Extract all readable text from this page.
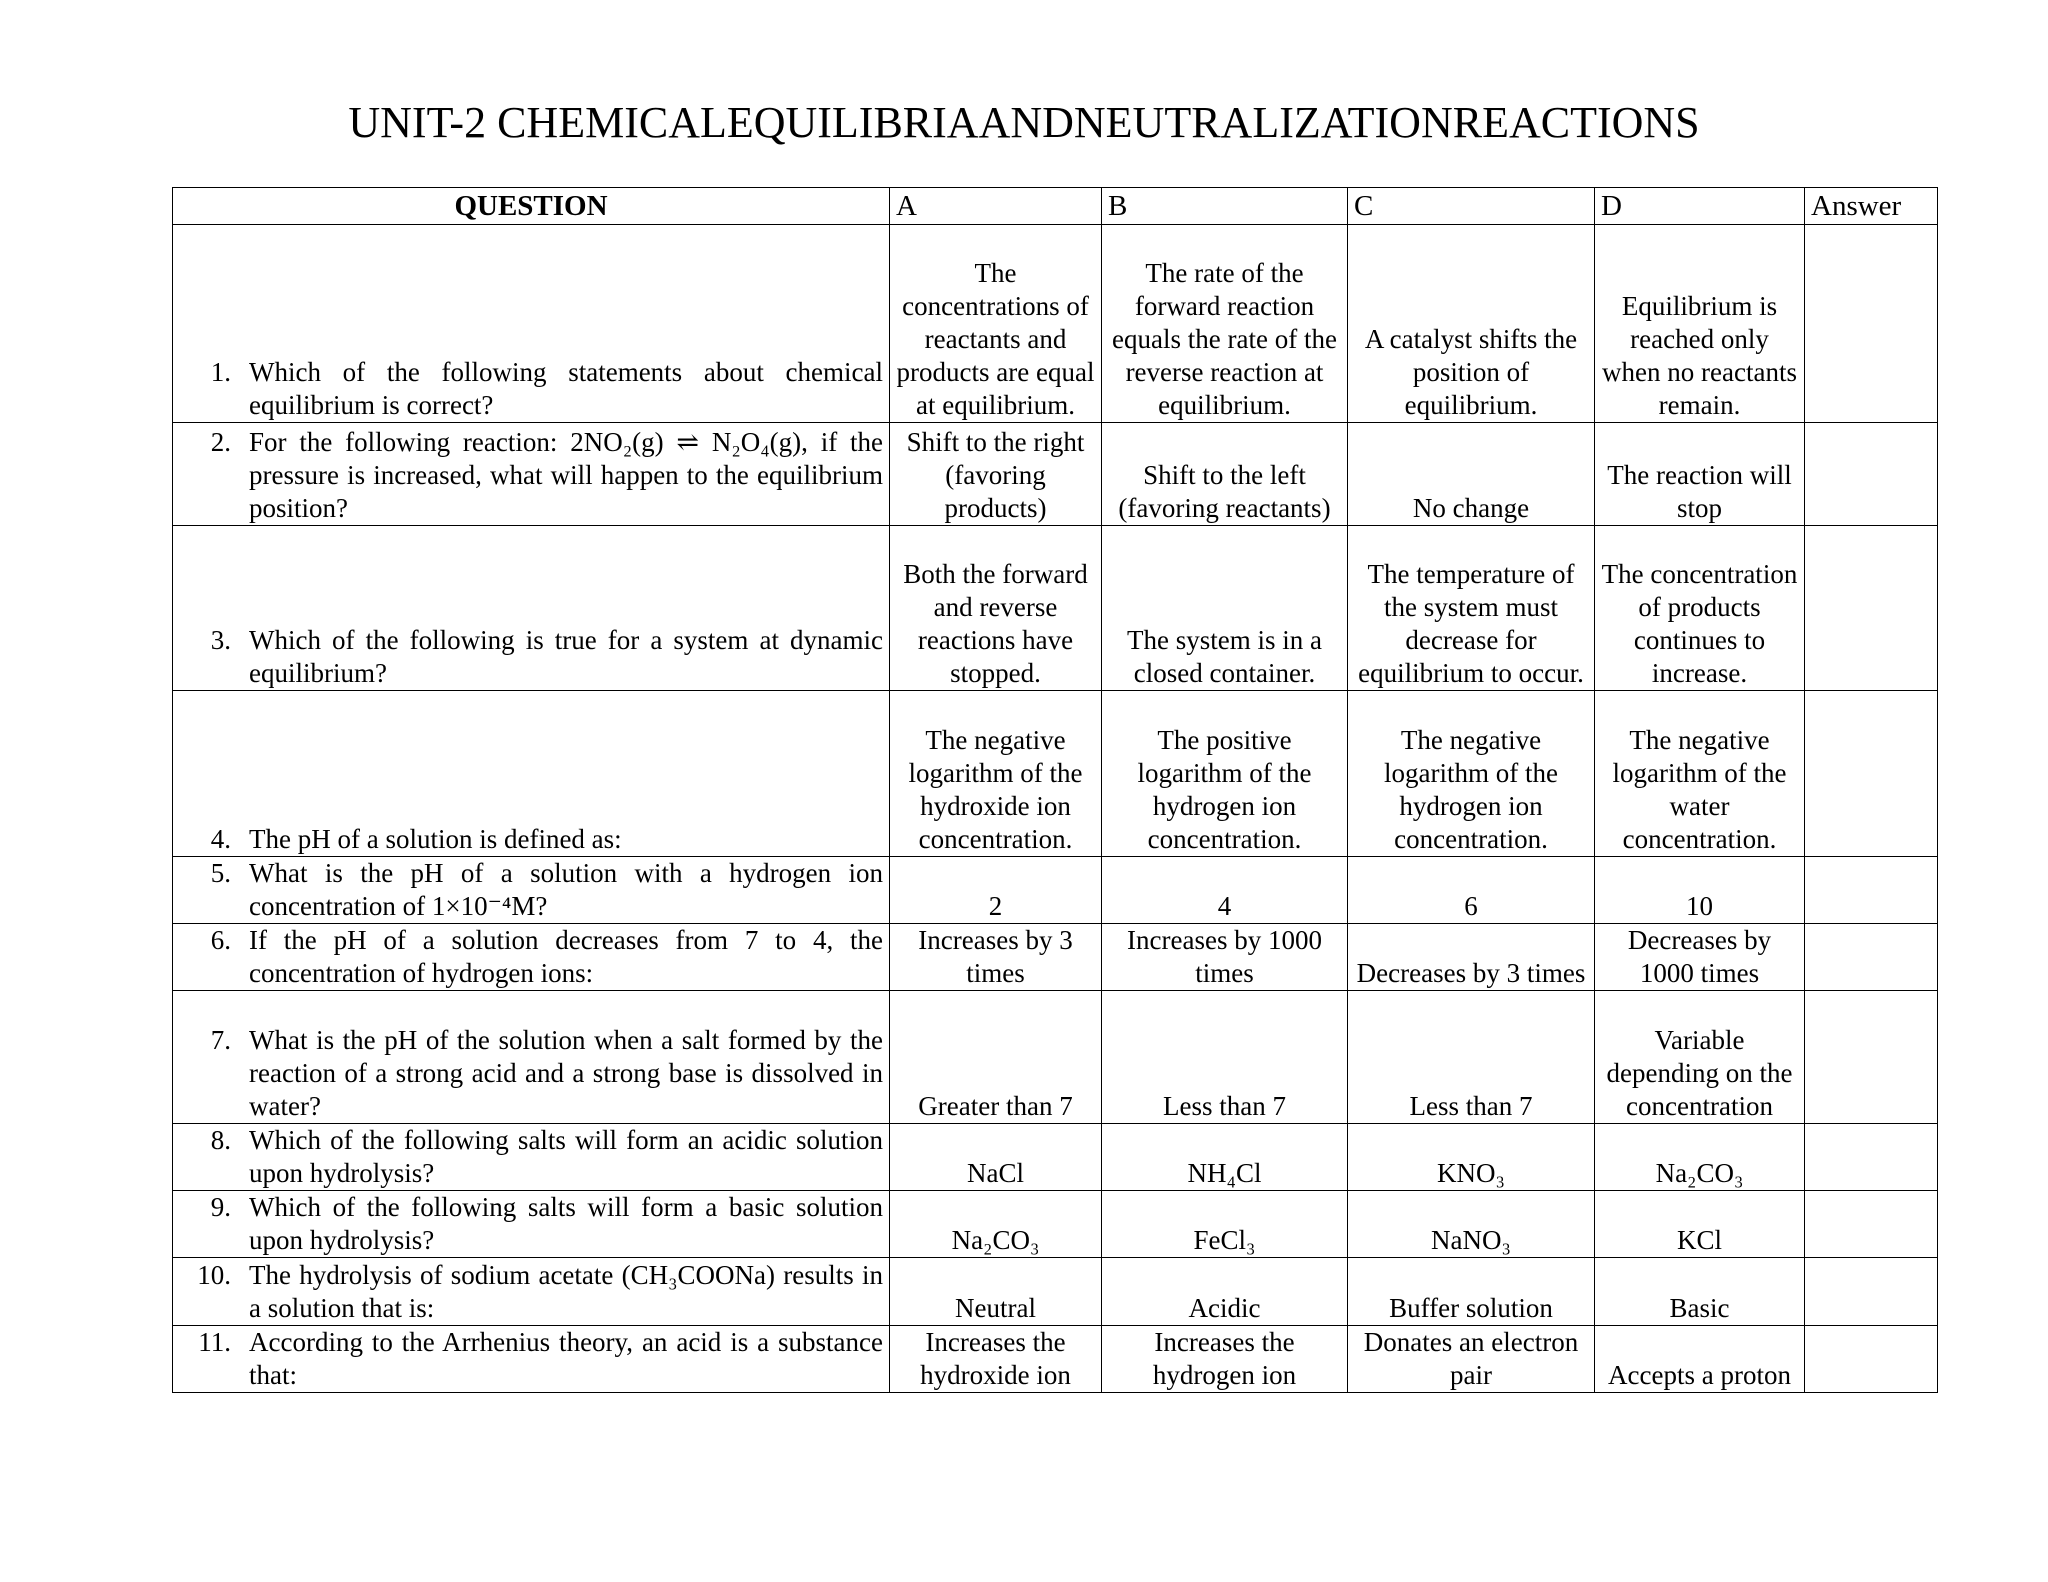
UNIT-2 CHEMICALEQUILIBRIAANDNEUTRALIZATIONREACTIONS
QUESTION	A	B	C	D	Answer

1. Which of the following statements about chemical equilibrium is correct?	The concentrations of reactants and products are equal at equilibrium.	The rate of the forward reaction equals the rate of the reverse reaction at equilibrium.	A catalyst shifts the position of equilibrium.	Equilibrium is reached only when no reactants remain.	

2. For the following reaction: 2NO₂(g) ⇌ N₂O₄(g), if the pressure is increased, what will happen to the equilibrium position?	Shift to the right (favoring products)	Shift to the left (favoring reactants)	No change	The reaction will stop	

3. Which of the following is true for a system at dynamic equilibrium?	Both the forward and reverse reactions have stopped.	The system is in a closed container.	The temperature of the system must decrease for equilibrium to occur.	The concentration of products continues to increase.	

4. The pH of a solution is defined as:	The negative logarithm of the hydroxide ion concentration.	The positive logarithm of the hydrogen ion concentration.	The negative logarithm of the hydrogen ion concentration.	The negative logarithm of the water concentration.	

5. What is the pH of a solution with a hydrogen ion concentration of 1×10⁻⁴M?	2	4	6	10	

6. If the pH of a solution decreases from 7 to 4, the concentration of hydrogen ions:	Increases by 3 times	Increases by 1000 times	Decreases by 3 times	Decreases by 1000 times	

7. What is the pH of the solution when a salt formed by the reaction of a strong acid and a strong base is dissolved in water?	Greater than 7	Less than 7	Less than 7	Variable depending on the concentration	

8. Which of the following salts will form an acidic solution upon hydrolysis?	NaCl	NH₄Cl	KNO₃	Na₂CO₃	

9. Which of the following salts will form a basic solution upon hydrolysis?	Na₂CO₃	FeCl₃	NaNO₃	KCl	

10. The hydrolysis of sodium acetate (CH₃COONa) results in a solution that is:	Neutral	Acidic	Buffer solution	Basic	

11. According to the Arrhenius theory, an acid is a substance that:	Increases the hydroxide ion	Increases the hydrogen ion	Donates an electron pair	Accepts a proton	
